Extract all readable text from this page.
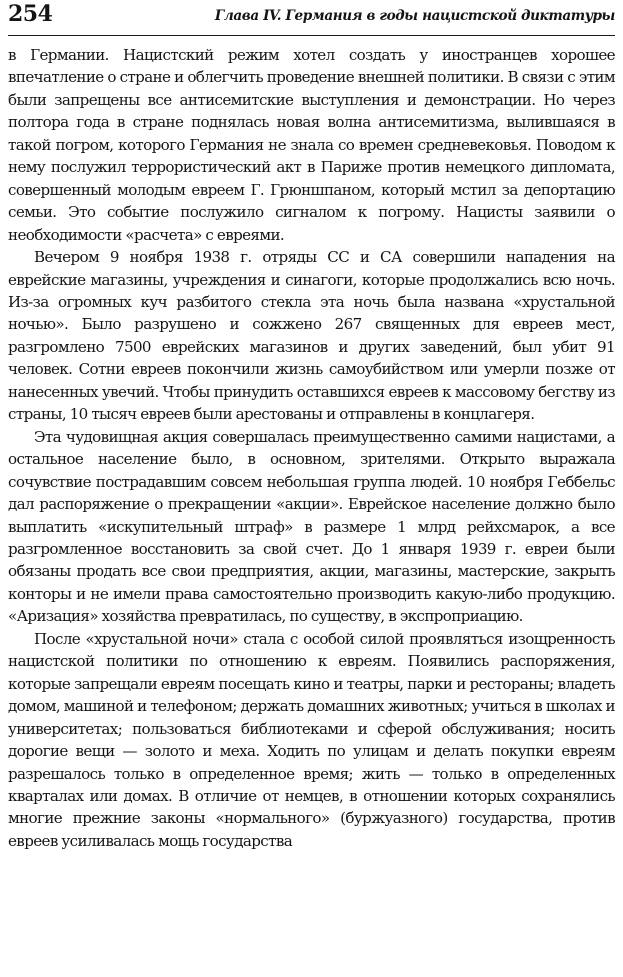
254	Глава IV. Германия в годы нацистской диктатуры

в Германии. Нацистский режим хотел создать у иностранцев хорошее впечатление о стране и облегчить проведение внешней политики. В связи с этим были запрещены все антисемитские выступления и демонстрации. Но через полтора года в стране поднялась новая волна антисемитизма, вылившаяся в такой погром, которого Германия не знала со времен средневековья. Поводом к нему послужил террористический акт в Париже против немецкого дипломата, совершенный молодым евреем Г. Грюншпаном, который мстил за депортацию семьи. Это событие послужило сигналом к погрому. Нацисты заявили о необходимости «расчета» с евреями.

Вечером 9 ноября 1938 г. отряды СС и СА совершили нападения на еврейские магазины, учреждения и синагоги, которые продолжались всю ночь. Из-за огромных куч разбитого стекла эта ночь была названа «хрустальной ночью». Было разрушено и сожжено 267 священных для евреев мест, разгромлено 7500 еврейских магазинов и других заведений, был убит 91 человек. Сотни евреев покончили жизнь самоубийством или умерли позже от нанесенных увечий. Чтобы принудить оставшихся евреев к массовому бегству из страны, 10 тысяч евреев были арестованы и отправлены в концлагеря.

Эта чудовищная акция совершалась преимущественно самими нацистами, а остальное население было, в основном, зрителями. Открыто выражала сочувствие пострадавшим совсем небольшая группа людей. 10 ноября Геббельс дал распоряжение о прекращении «акции». Еврейское население должно было выплатить «искупительный штраф» в размере 1 млрд рейхсмарок, а все разгромленное восстановить за свой счет. До 1 января 1939 г. евреи были обязаны продать все свои предприятия, акции, магазины, мастерские, закрыть конторы и не имели права самостоятельно производить какую-либо продукцию. «Аризация» хозяйства превратилась, по существу, в экспроприацию.

После «хрустальной ночи» стала с особой силой проявляться изощренность нацистской политики по отношению к евреям. Появились распоряжения, которые запрещали евреям посещать кино и театры, парки и рестораны; владеть домом, машиной и телефоном; держать домашних животных; учиться в школах и университетах; пользоваться библиотеками и сферой обслуживания; носить дорогие вещи — золото и меха. Ходить по улицам и делать покупки евреям разрешалось только в определенное время; жить — только в определенных кварталах или домах. В отличие от немцев, в отношении которых сохранялись многие прежние законы «нормального» (буржуазного) государства, против евреев усиливалась мощь государства
